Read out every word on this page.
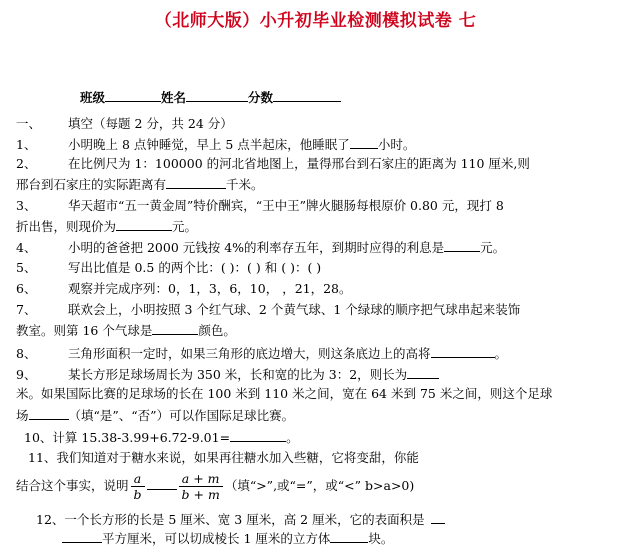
（北师大版）小升初毕业检测模拟试卷 七
班级	姓名	分数
一、 填空（每题 2 分，共 24 分）
1、	小明晚上 8 点钟睡觉，早上 5 点半起床，他睡眠了 小时。
2、	在比例尺为 1：100000 的河北省地图上，量得邢台到石家庄的距离为 110 厘米,则
邢台到石家庄的实际距离有	千米。
3、	华天超市“五一黄金周”特价酬宾，“王中王”牌火腿肠每根原价 0.80 元，现打 8
折出售，则现价为	元。
4、	小明的爸爸把 2000 元钱按 4%的利率存五年，到期时应得的利息是	元。
5、	写出比值是 0.5 的两个比：( )：( ) 和 ( )：( )
6、	观察并完成序列：0，1，3，6，10， ，21，28。
7、	联欢会上，小明按照 3 个红气球、2 个黄气球、1 个绿球的顺序把气球串起来装饰
教室。则第 16 个气球是	颜色。
8、	三角形面积一定时，如果三角形的底边增大，则这条底边上的高将	。
9、	某长方形足球场周长为 350 米，长和宽的比为 3：2，则长为
米。如果国际比赛的足球场的长在 100 米到 110 米之间，宽在 64 米到 75 米之间，则这个足球
场	（填“是”、“否”）可以作国际足球比赛。
10、计算 15.38-3.99+6.72-9.01=	。
11、我们知道对于糖水来说，如果再往糖水加入些糖，它将变甜，你能
结合这个事实，说明 $\frac{a}{b}$	$\frac{a + m}{b + m}$ （填“>”,或“=”，或“<” b>a>0)
12、一个长方形的长是 5 厘米、宽 3 厘米，高 2 厘米，它的表面积是
平方厘米，可以切成棱长 1 厘米的立方体	块。
